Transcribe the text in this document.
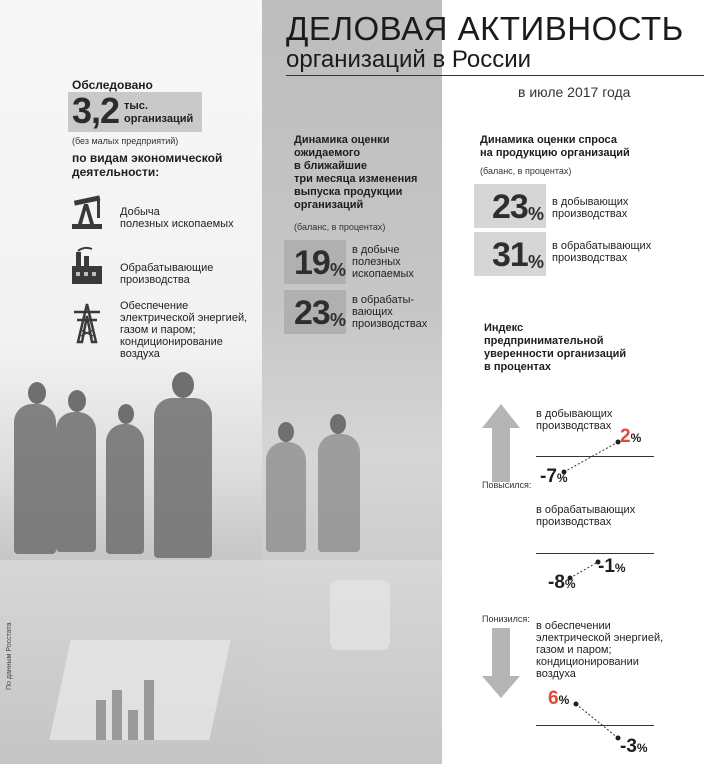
ДЕЛОВАЯ АКТИВНОСТЬ
организаций в России
в июле 2017 года
Обследовано
3,2 тыс.
организаций
(без малых предприятий)
по видам экономической
деятельности:
Добыча
полезных ископаемых
Обрабатывающие
производства
Обеспечение
электрической энергией,
газом и паром;
кондиционирование
воздуха
Динамика оценки
ожидаемого
в ближайшие
три месяца изменения
выпуска продукции
организаций
(баланс, в процентах)
19 %
в добыче
полезных
ископаемых
23 %
в обрабаты-
вающих
производствах
Динамика оценки спроса
на продукцию организаций
(баланс, в процентах)
23 %
в добывающих
производствах
31 %
в обрабатывающих
производствах
Индекс
предпринимательной
уверенности организаций
в процентах
Повысился:
Понизился:
в добывающих
производствах 2%
-7%
в обрабатывающих
производствах
-1%
-8%
в обеспечении
электрической энергией,
газом и паром;
кондиционировании
воздуха
6%
-3%
По данным Росстата
